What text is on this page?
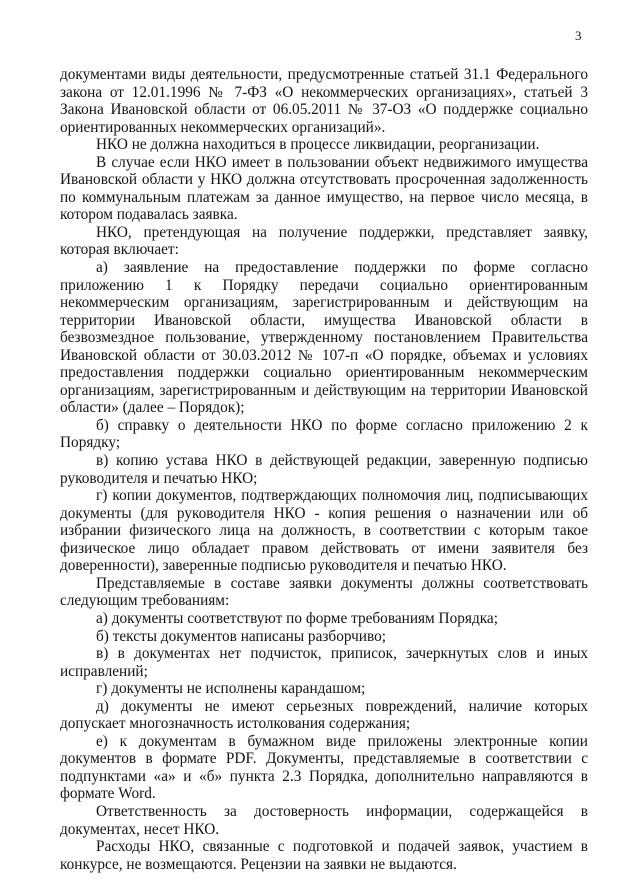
3

документами виды деятельности, предусмотренные статьей 31.1 Федерального закона от 12.01.1996 № 7-ФЗ «О некоммерческих организациях», статьей 3 Закона Ивановской области от 06.05.2011 № 37-ОЗ «О поддержке социально ориентированных некоммерческих организаций».

НКО не должна находиться в процессе ликвидации, реорганизации.

В случае если НКО имеет в пользовании объект недвижимого имущества Ивановской области у НКО должна отсутствовать просроченная задолженность по коммунальным платежам за данное имущество, на первое число месяца, в котором подавалась заявка.

НКО, претендующая на получение поддержки, представляет заявку, которая включает:

а) заявление на предоставление поддержки по форме согласно приложению 1 к Порядку передачи социально ориентированным некоммерческим организациям, зарегистрированным и действующим на территории Ивановской области, имущества Ивановской области в безвозмездное пользование, утвержденному постановлением Правительства Ивановской области от 30.03.2012 № 107-п «О порядке, объемах и условиях предоставления поддержки социально ориентированным некоммерческим организациям, зарегистрированным и действующим на территории Ивановской области» (далее – Порядок);

б) справку о деятельности НКО по форме согласно приложению 2 к Порядку;

в) копию устава НКО в действующей редакции, заверенную подписью руководителя и печатью НКО;

г) копии документов, подтверждающих полномочия лиц, подписывающих документы (для руководителя НКО - копия решения о назначении или об избрании физического лица на должность, в соответствии с которым такое физическое лицо обладает правом действовать от имени заявителя без доверенности), заверенные подписью руководителя и печатью НКО.

Представляемые в составе заявки документы должны соответствовать следующим требованиям:

а) документы соответствуют по форме требованиям Порядка;

б) тексты документов написаны разборчиво;

в) в документах нет подчисток, приписок, зачеркнутых слов и иных исправлений;

г) документы не исполнены карандашом;

д) документы не имеют серьезных повреждений, наличие которых допускает многозначность истолкования содержания;

е) к документам в бумажном виде приложены электронные копии документов в формате PDF. Документы, представляемые в соответствии с подпунктами «а» и «б» пункта 2.3 Порядка, дополнительно направляются в формате Word.

Ответственность за достоверность информации, содержащейся в документах, несет НКО.

Расходы НКО, связанные с подготовкой и подачей заявок, участием в конкурсе, не возмещаются. Рецензии на заявки не выдаются.
